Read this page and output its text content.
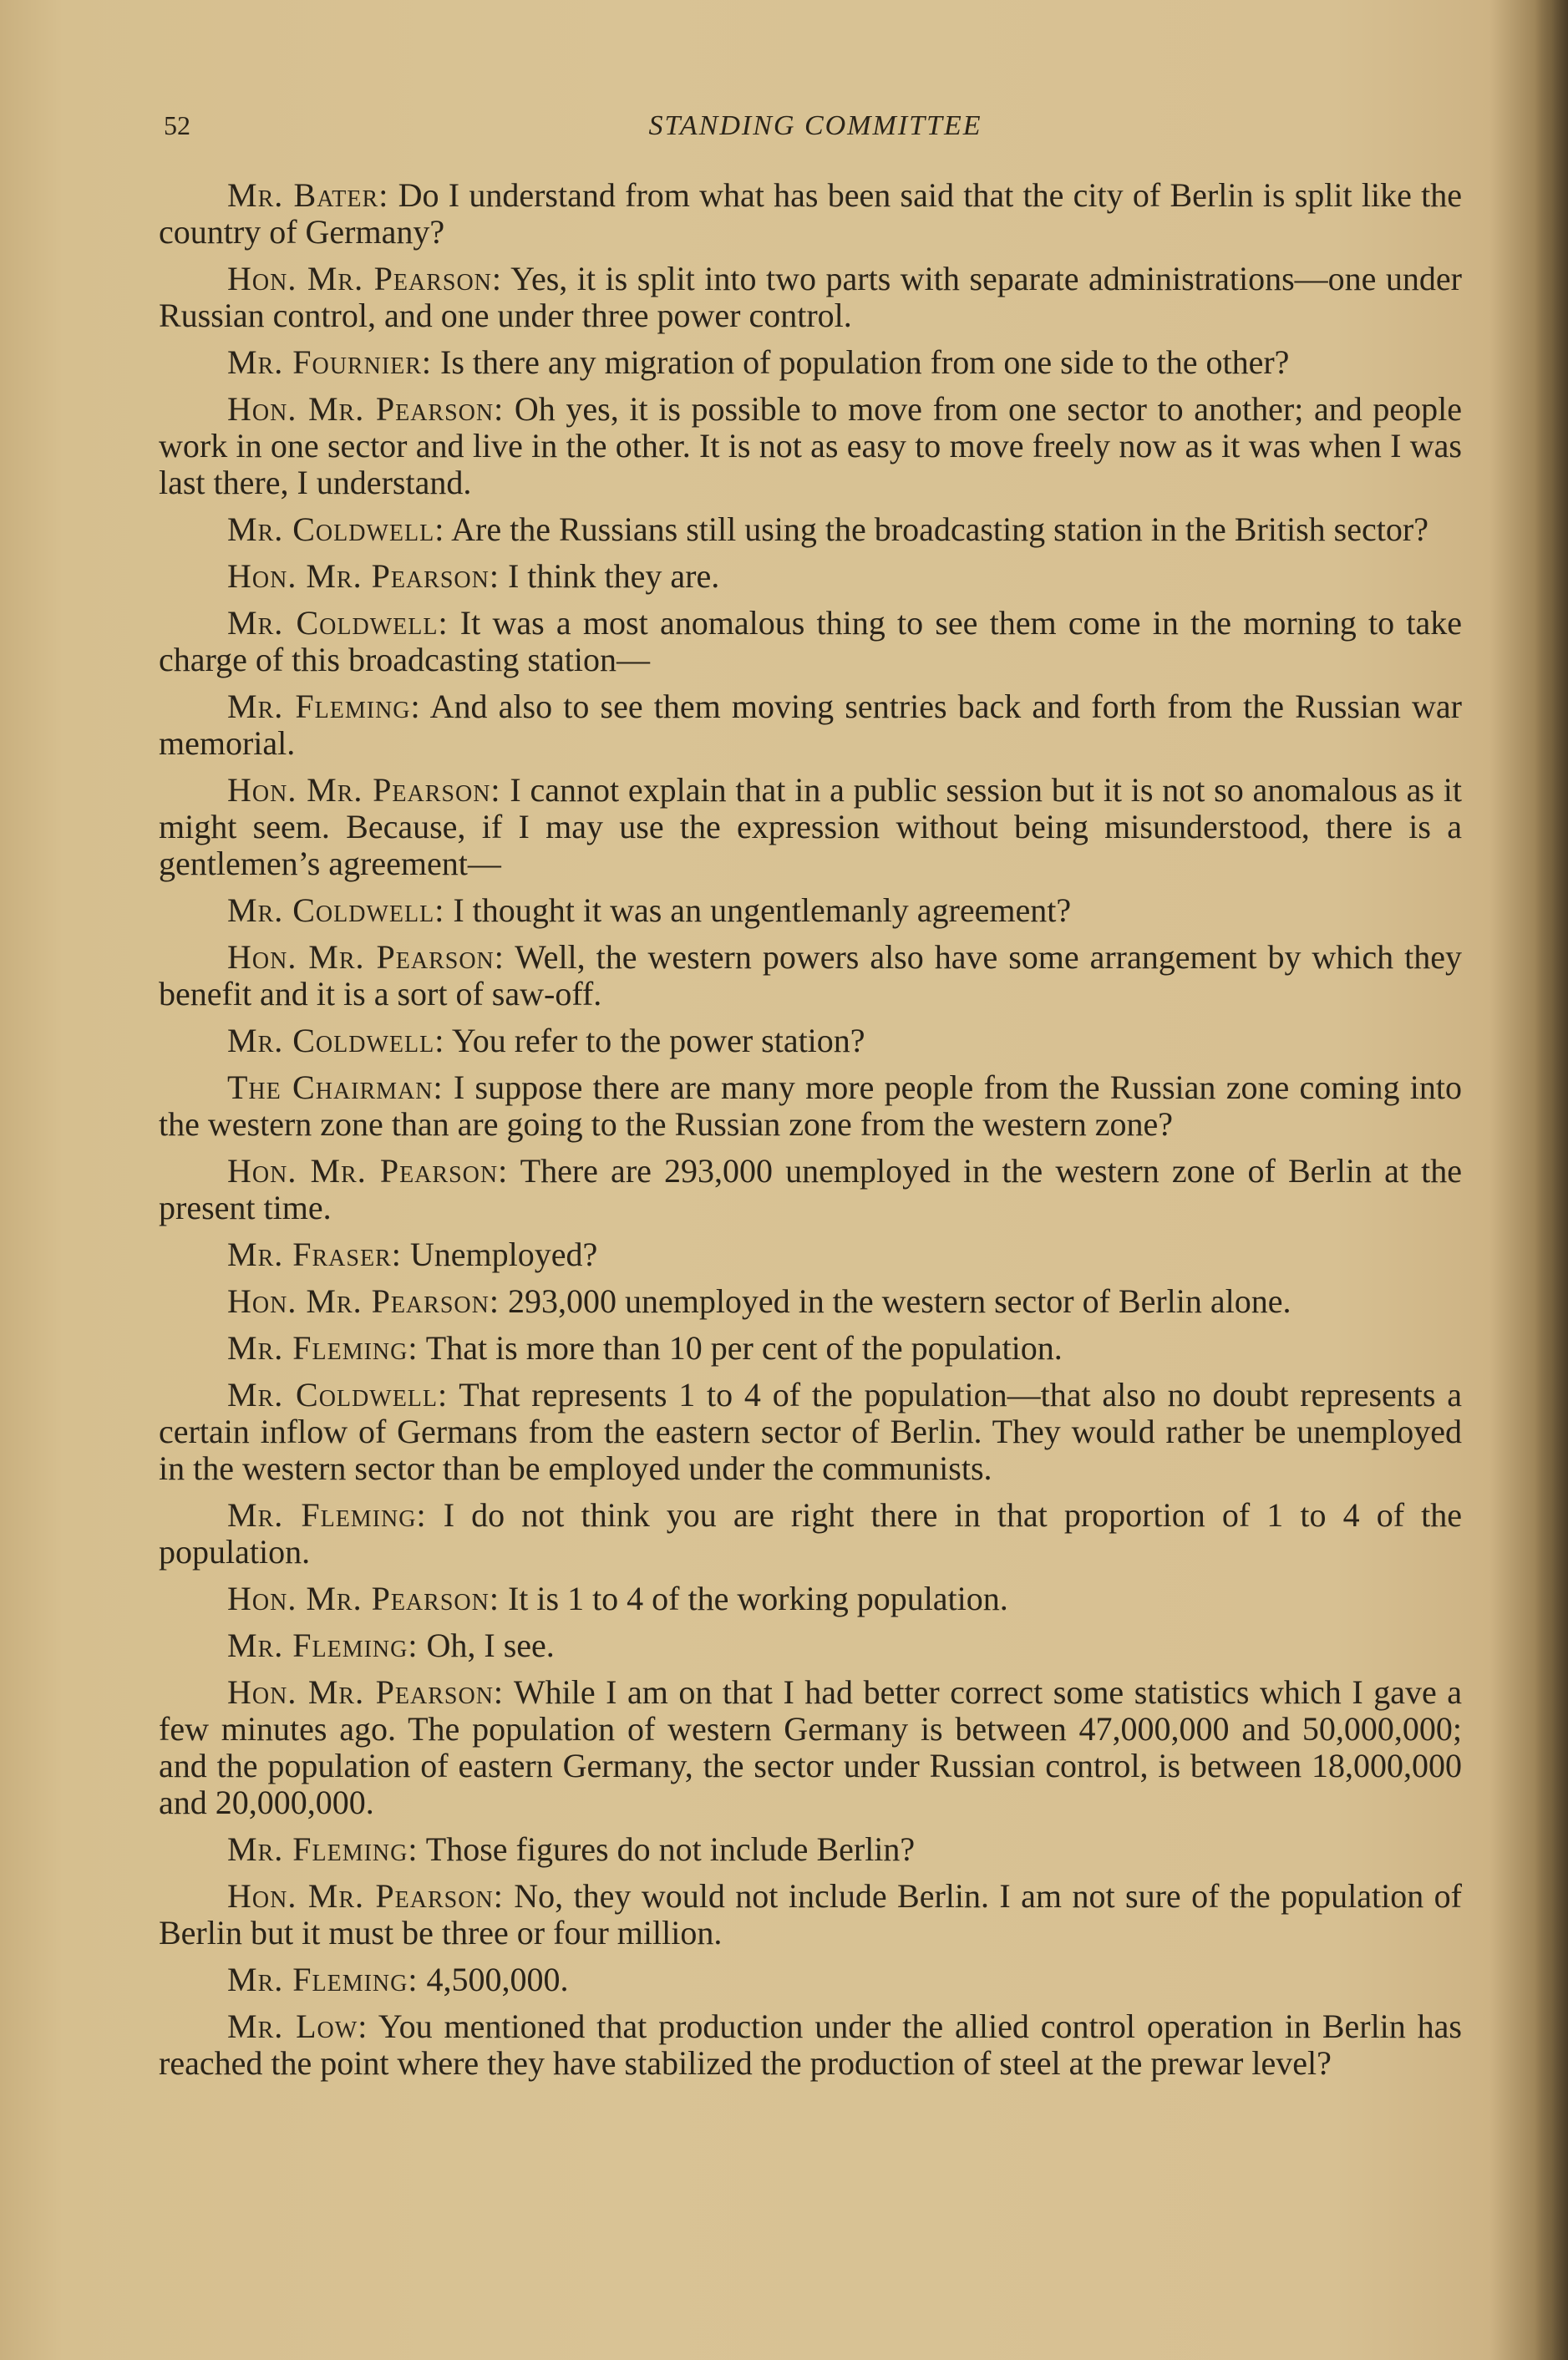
52	STANDING COMMITTEE

Mr. Bater: Do I understand from what has been said that the city of Berlin is split like the country of Germany?

Hon. Mr. Pearson: Yes, it is split into two parts with separate administrations—one under Russian control, and one under three power control.

Mr. Fournier: Is there any migration of population from one side to the other?

Hon. Mr. Pearson: Oh yes, it is possible to move from one sector to another; and people work in one sector and live in the other. It is not as easy to move freely now as it was when I was last there, I understand.

Mr. Coldwell: Are the Russians still using the broadcasting station in the British sector?

Hon. Mr. Pearson: I think they are.

Mr. Coldwell: It was a most anomalous thing to see them come in the morning to take charge of this broadcasting station—

Mr. Fleming: And also to see them moving sentries back and forth from the Russian war memorial.

Hon. Mr. Pearson: I cannot explain that in a public session but it is not so anomalous as it might seem. Because, if I may use the expression without being misunderstood, there is a gentlemen’s agreement—

Mr. Coldwell: I thought it was an ungentlemanly agreement?

Hon. Mr. Pearson: Well, the western powers also have some arrangement by which they benefit and it is a sort of saw-off.

Mr. Coldwell: You refer to the power station?

The Chairman: I suppose there are many more people from the Russian zone coming into the western zone than are going to the Russian zone from the western zone?

Hon. Mr. Pearson: There are 293,000 unemployed in the western zone of Berlin at the present time.

Mr. Fraser: Unemployed?

Hon. Mr. Pearson: 293,000 unemployed in the western sector of Berlin alone.

Mr. Fleming: That is more than 10 per cent of the population.

Mr. Coldwell: That represents 1 to 4 of the population—that also no doubt represents a certain inflow of Germans from the eastern sector of Berlin. They would rather be unemployed in the western sector than be employed under the communists.

Mr. Fleming: I do not think you are right there in that proportion of 1 to 4 of the population.

Hon. Mr. Pearson: It is 1 to 4 of the working population.

Mr. Fleming: Oh, I see.

Hon. Mr. Pearson: While I am on that I had better correct some statistics which I gave a few minutes ago. The population of western Germany is between 47,000,000 and 50,000,000; and the population of eastern Germany, the sector under Russian control, is between 18,000,000 and 20,000,000.

Mr. Fleming: Those figures do not include Berlin?

Hon. Mr. Pearson: No, they would not include Berlin. I am not sure of the population of Berlin but it must be three or four million.

Mr. Fleming: 4,500,000.

Mr. Low: You mentioned that production under the allied control operation in Berlin has reached the point where they have stabilized the production of steel at the prewar level?
